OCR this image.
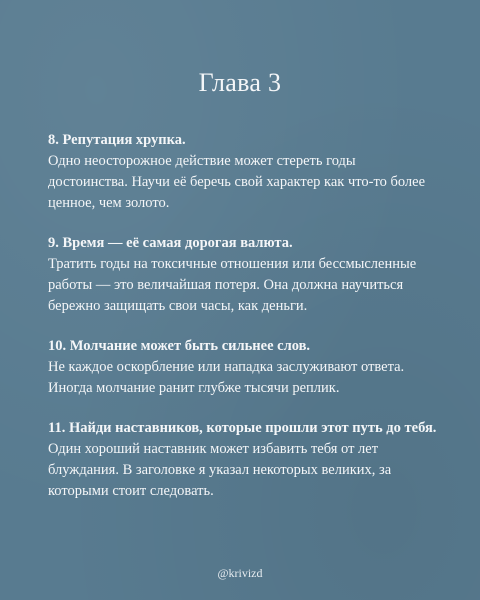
Глава 3

8. Репутация хрупка.

Одно неосторожное действие может стереть годы достоинства. Научи её беречь свой характер как что-то более ценное, чем золото.

9. Время — её самая дорогая валюта.

Тратить годы на токсичные отношения или бессмысленные работы — это величайшая потеря. Она должна научиться бережно защищать свои часы, как деньги.

10. Молчание может быть сильнее слов.

Не каждое оскорбление или нападка заслуживают ответа. Иногда молчание ранит глубже тысячи реплик.

11. Найди наставников, которые прошли этот путь до тебя.

Один хороший наставник может избавить тебя от лет блуждания. В заголовке я указал некоторых великих, за которыми стоит следовать.

@krivizd
